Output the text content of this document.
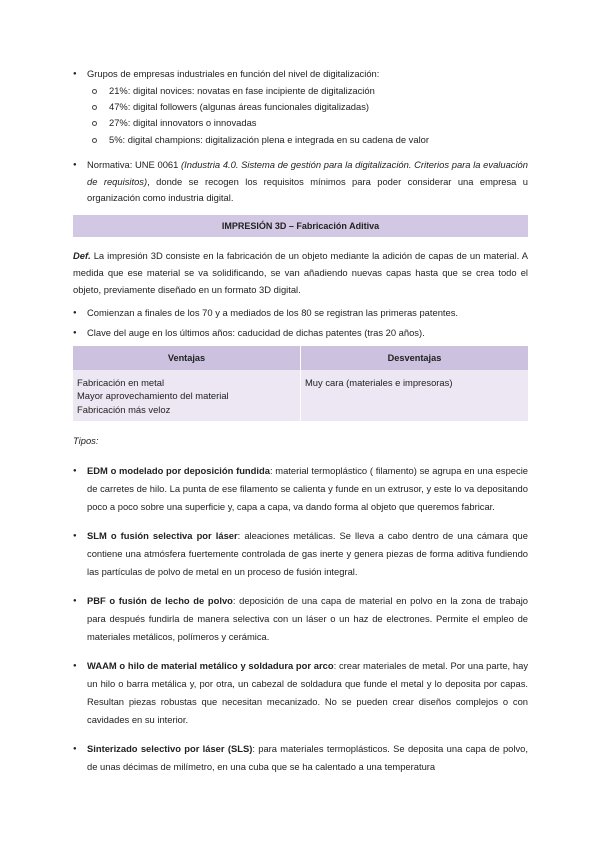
● Grupos de empresas industriales en función del nivel de digitalización:
21%: digital novices: novatas en fase incipiente de digitalización
47%: digital followers (algunas áreas funcionales digitalizadas)
27%: digital innovators o innovadas
5%: digital champions: digitalización plena e integrada en su cadena de valor
● Normativa: UNE 0061 (Industria 4.0. Sistema de gestión para la digitalización. Criterios para la evaluación de requisitos), donde se recogen los requisitos mínimos para poder considerar una empresa u organización como industria digital.
IMPRESIÓN 3D – Fabricación Aditiva

Def. La impresión 3D consiste en la fabricación de un objeto mediante la adición de capas de un material. A medida que ese material se va solidificando, se van añadiendo nuevas capas hasta que se crea todo el objeto, previamente diseñado en un formato 3D digital.

● Comienzan a finales de los 70 y a mediados de los 80 se registran las primeras patentes.
● Clave del auge en los últimos años: caducidad de dichas patentes (tras 20 años).
Ventajas	Desventajas

Fabricación en metal
Mayor aprovechamiento del material
Fabricación más veloz	Muy cara (materiales e impresoras)
Tipos:
● EDM o modelado por deposición fundida: material termoplástico ( filamento) se agrupa en una especie de carretes de hilo. La punta de ese filamento se calienta y funde en un extrusor, y este lo va depositando poco a poco sobre una superficie y, capa a capa, va dando forma al objeto que queremos fabricar.
● SLM o fusión selectiva por láser: aleaciones metálicas. Se lleva a cabo dentro de una cámara que contiene una atmósfera fuertemente controlada de gas inerte y genera piezas de forma aditiva fundiendo las partículas de polvo de metal en un proceso de fusión integral.
● PBF o fusión de lecho de polvo: deposición de una capa de material en polvo en la zona de trabajo para después fundirla de manera selectiva con un láser o un haz de electrones. Permite el empleo de materiales metálicos, polímeros y cerámica.
● WAAM o hilo de material metálico y soldadura por arco: crear materiales de metal. Por una parte, hay un hilo o barra metálica y, por otra, un cabezal de soldadura que funde el metal y lo deposita por capas. Resultan piezas robustas que necesitan mecanizado. No se pueden crear diseños complejos o con cavidades en su interior.
● Sinterizado selectivo por láser (SLS): para materiales termoplásticos. Se deposita una capa de polvo, de unas décimas de milímetro, en una cuba que se ha calentado a una temperatura
